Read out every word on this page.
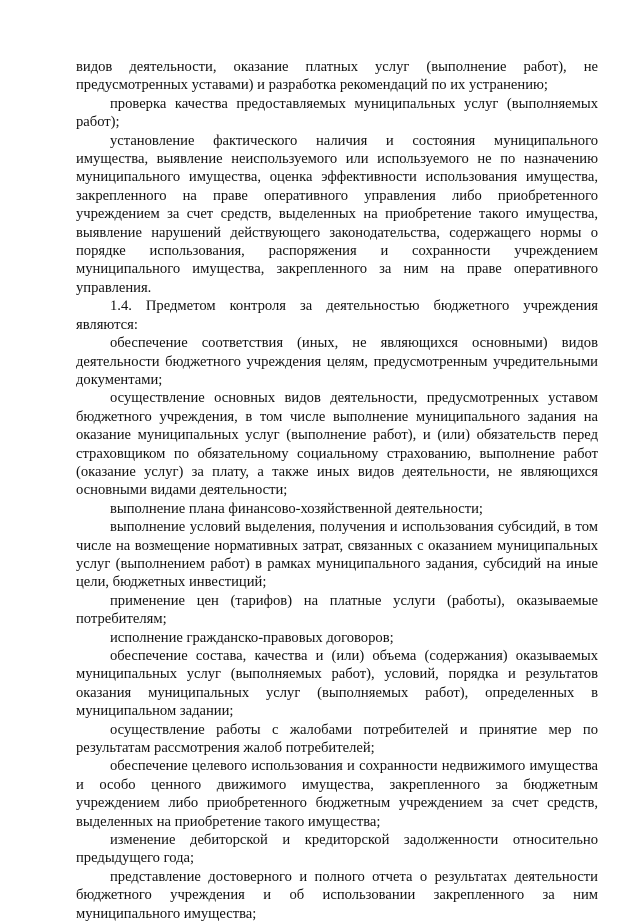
видов деятельности, оказание платных услуг (выполнение работ), не предусмотренных уставами) и разработка рекомендаций по их устранению;

проверка качества предоставляемых муниципальных услуг (выполняемых работ);

установление фактического наличия и состояния муниципального имущества, выявление неиспользуемого или используемого не по назначению муниципального имущества, оценка эффективности использования имущества, закрепленного на праве оперативного управления либо приобретенного учреждением за счет средств, выделенных на приобретение такого имущества, выявление нарушений действующего законодательства, содержащего нормы о порядке использования, распоряжения и сохранности учреждением муниципального имущества, закрепленного за ним на праве оперативного управления.

1.4. Предметом контроля за деятельностью бюджетного учреждения являются:

обеспечение соответствия (иных, не являющихся основными) видов деятельности бюджетного учреждения целям, предусмотренным учредительными документами;

осуществление основных видов деятельности, предусмотренных уставом бюджетного учреждения, в том числе выполнение муниципального задания на оказание муниципальных услуг (выполнение работ), и (или) обязательств перед страховщиком по обязательному социальному страхованию, выполнение работ (оказание услуг) за плату, а также иных видов деятельности, не являющихся основными видами деятельности;

выполнение плана финансово-хозяйственной деятельности;

выполнение условий выделения, получения и использования субсидий, в том числе на возмещение нормативных затрат, связанных с оказанием муниципальных услуг (выполнением работ) в рамках муниципального задания, субсидий на иные цели, бюджетных инвестиций;

применение цен (тарифов) на платные услуги (работы), оказываемые потребителям;

исполнение гражданско-правовых договоров;

обеспечение состава, качества и (или) объема (содержания) оказываемых муниципальных услуг (выполняемых работ), условий, порядка и результатов оказания муниципальных услуг (выполняемых работ), определенных в муниципальном задании;

осуществление работы с жалобами потребителей и принятие мер по результатам рассмотрения жалоб потребителей;

обеспечение целевого использования и сохранности недвижимого имущества и особо ценного движимого имущества, закрепленного за бюджетным учреждением либо приобретенного бюджетным учреждением за счет средств, выделенных на приобретение такого имущества;

изменение дебиторской и кредиторской задолженности относительно предыдущего года;

представление достоверного и полного отчета о результатах деятельности бюджетного учреждения и об использовании закрепленного за ним муниципального имущества;
